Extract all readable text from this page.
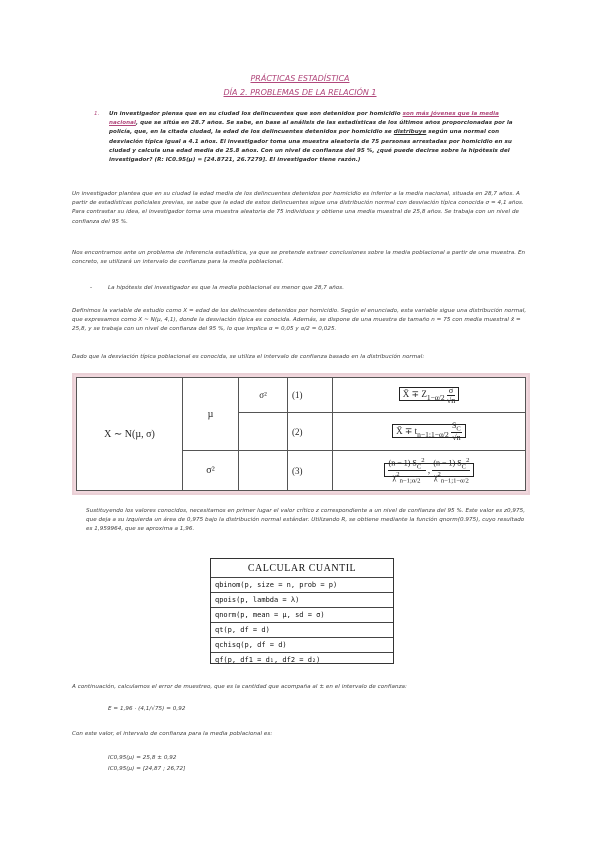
PRÁCTICAS ESTADÍSTICA
DÍA 2. PROBLEMAS DE LA RELACIÓN 1
1.	Un investigador piensa que en su ciudad los delincuentes que son detenidos por homicidio son más jóvenes que la media nacional, que se sitúa en 28.7 años. Se sabe, en base al análisis de las estadísticas de los últimos años proporcionadas por la policía, que, en la citada ciudad, la edad de los delincuentes detenidos por homicidio se distribuye según una normal con desviación típica igual a 4.1 años. El investigador toma una muestra aleatoria de 75 personas arrestadas por homicidio en su ciudad y calcula una edad media de 25.8 años. Con un nivel de confianza del 95 %, ¿qué puede decirse sobre la hipótesis del investigador? (R: IC0.95(µ) = [24.8721, 26.7279]. El investigador tiene razón.)
Un investigador plantea que en su ciudad la edad media de los delincuentes detenidos por homicidio es inferior a la media nacional, situada en 28,7 años. A partir de estadísticas policiales previas, se sabe que la edad de estos delincuentes sigue una distribución normal con desviación típica conocida σ = 4,1 años. Para contrastar su idea, el investigador toma una muestra aleatoria de 75 individuos y obtiene una media muestral de 25,8 años. Se trabaja con un nivel de confianza del 95 %.
Nos encontramos ante un problema de inferencia estadística, ya que se pretende extraer conclusiones sobre la media poblacional a partir de una muestra. En concreto, se utilizará un intervalo de confianza para la media poblacional.
-	La hipótesis del investigador es que la media poblacional es menor que 28,7 años.
Definimos la variable de estudio como X = edad de los delincuentes detenidos por homicidio. Según el enunciado, esta variable sigue una distribución normal, que expresamos como X ~ N(µ, 4,1), donde la desviación típica es conocida. Además, se dispone de una muestra de tamaño n = 75 con media muestral x̄ = 25,8, y se trabaja con un nivel de confianza del 95 %, lo que implica α = 0,05 y α/2 = 0,025.
Dado que la desviación típica poblacional es conocida, se utiliza el intervalo de confianza basado en la distribución normal:
X ∼ N(µ, σ)	µ	σ²	(1)	X̄ ∓ $Z_{1-\alpha/2} \frac{\sigma}{√n}$

			(2)	X̄ ∓ $t_{n-1;1-\alpha/2} \frac{S_C}{√n}$

	σ²		(3)	$\frac{(n - 1) S_C^2}{\chi^2_{n-1;\alpha/2}}$ , $\frac{(n - 1) S_C^2}{\chi^2_{n-1;1-\alpha/2}}$
Sustituyendo los valores conocidos, necesitamos en primer lugar el valor crítico z correspondiente a un nivel de confianza del 95 %. Este valor es z0,975, que deja a su izquierda un área de 0,975 bajo la distribución normal estándar. Utilizando R, se obtiene mediante la función qnorm(0.975), cuyo resultado es 1,959964, que se aproxima a 1,96.
CALCULAR CUANTIL
qbinom(p, size = n, prob = p)
qpois(p, lambda = λ)
qnorm(p, mean = µ, sd = σ)
qt(p, df = d)
qchisq(p, df = d)
qf(p, df1 = d₁, df2 = d₂)
A continuación, calculamos el error de muestreo, que es la cantidad que acompaña al ± en el intervalo de confianza:
E = 1,96 · (4,1/√75) = 0,92
Con este valor, el intervalo de confianza para la media poblacional es:
IC0,95(µ) = 25,8 ± 0,92
IC0,95(µ) = [24,87 ; 26,72]
